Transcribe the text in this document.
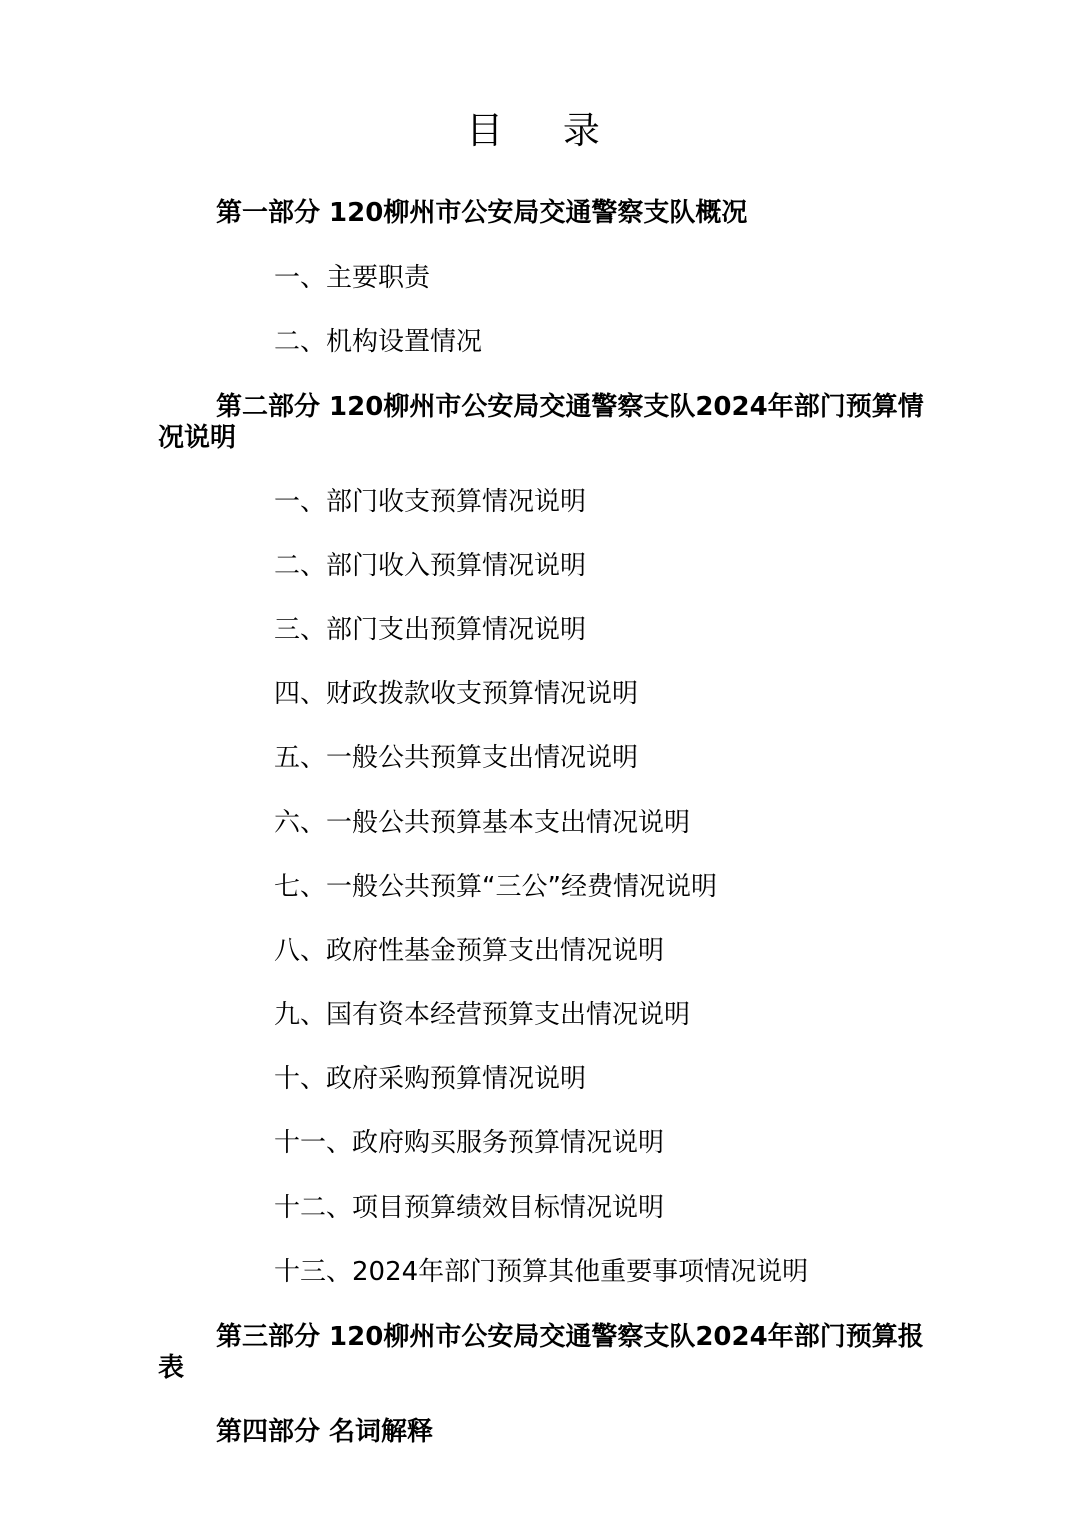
目 录
第一部分 120柳州市公安局交通警察支队概况
一、主要职责
二、机构设置情况
第二部分 120柳州市公安局交通警察支队2024年部门预算情况说明
一、部门收支预算情况说明
二、部门收入预算情况说明
三、部门支出预算情况说明
四、财政拨款收支预算情况说明
五、一般公共预算支出情况说明
六、一般公共预算基本支出情况说明
七、一般公共预算“三公”经费情况说明
八、政府性基金预算支出情况说明
九、国有资本经营预算支出情况说明
十、政府采购预算情况说明
十一、政府购买服务预算情况说明
十二、项目预算绩效目标情况说明
十三、2024年部门预算其他重要事项情况说明
第三部分 120柳州市公安局交通警察支队2024年部门预算报表
第四部分 名词解释
